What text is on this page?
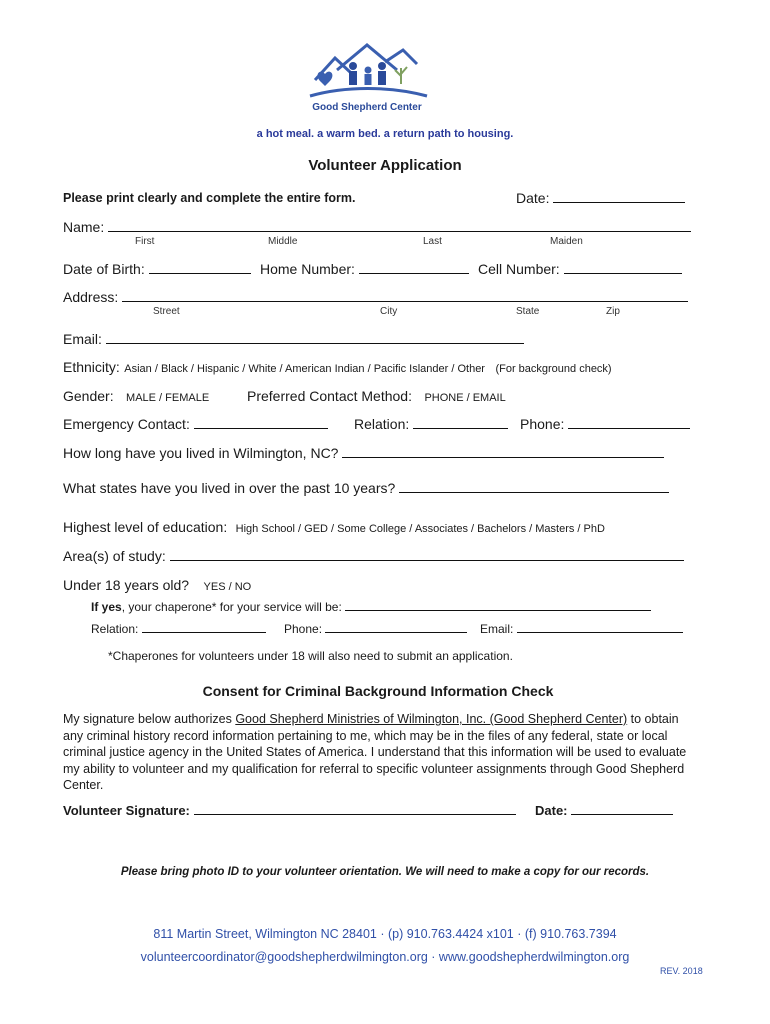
Good Shepherd Center
a hot meal. a warm bed. a return path to housing.
Volunteer Application
Please print clearly and complete the entire form.	Date:
Name:
First	Middle	Last	Maiden
Date of Birth:	Home Number:	Cell Number:
Address:
Street	City	State	Zip
Email:
Ethnicity: Asian / Black / Hispanic / White / American Indian / Pacific Islander / Other (For background check)
Gender: MALE / FEMALE	Preferred Contact Method: PHONE / EMAIL
Emergency Contact:	Relation:	Phone:
How long have you lived in Wilmington, NC?
What states have you lived in over the past 10 years?
Highest level of education: High School / GED / Some College / Associates / Bachelors / Masters / PhD
Area(s) of study:
Under 18 years old? YES / NO
If yes, your chaperone* for your service will be:
Relation:	Phone:	Email:
*Chaperones for volunteers under 18 will also need to submit an application.
Consent for Criminal Background Information Check
My signature below authorizes Good Shepherd Ministries of Wilmington, Inc. (Good Shepherd Center) to obtain any criminal history record information pertaining to me, which may be in the files of any federal, state or local criminal justice agency in the United States of America. I understand that this information will be used to evaluate my ability to volunteer and my qualification for referral to specific volunteer assignments through Good Shepherd Center.
Volunteer Signature:	Date:
Please bring photo ID to your volunteer orientation. We will need to make a copy for our records.
811 Martin Street, Wilmington NC 28401 · (p) 910.763.4424 x101 · (f) 910.763.7394
volunteercoordinator@goodshepherdwilmington.org · www.goodshepherdwilmington.org
REV. 2018
